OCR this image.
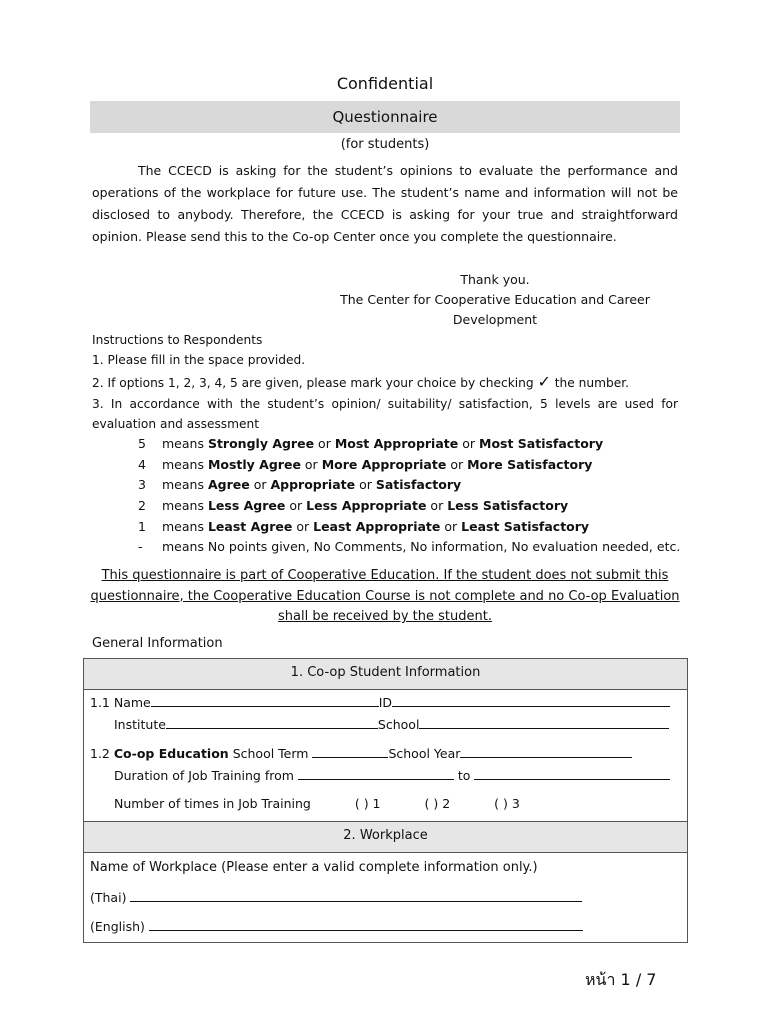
Confidential
Questionnaire
(for students)
The CCECD is asking for the student’s opinions to evaluate the performance and operations of the workplace for future use. The student’s name and information will not be disclosed to anybody. Therefore, the CCECD is asking for your true and straightforward opinion. Please send this to the Co-op Center once you complete the questionnaire.
Thank you.
The Center for Cooperative Education and Career
Development
Instructions to Respondents
1. Please fill in the space provided.
2. If options 1, 2, 3, 4, 5 are given, please mark your choice by checking ✓ the number.
3. In accordance with the student’s opinion/ suitability/ satisfaction, 5 levels are used for evaluation and assessment
5 means Strongly Agree or Most Appropriate or Most Satisfactory
4 means Mostly Agree or More Appropriate or More Satisfactory
3 means Agree or Appropriate or Satisfactory
2 means Less Agree or Less Appropriate or Less Satisfactory
1 means Least Agree or Least Appropriate or Least Satisfactory
- means No points given, No Comments, No information, No evaluation needed, etc.
This questionnaire is part of Cooperative Education. If the student does not submit this questionnaire, the Cooperative Education Course is not complete and no Co-op Evaluation shall be received by the student.
General Information
1. Co-op Student Information
1.1 Name	ID
Institute	School
1.2 Co-op Education School Term	School Year
Duration of Job Training from	to
Number of times in Job Training	( ) 1	( ) 2	( ) 3
2. Workplace
Name of Workplace (Please enter a valid complete information only.)
(Thai)
(English)
หน้า 1 / 7
